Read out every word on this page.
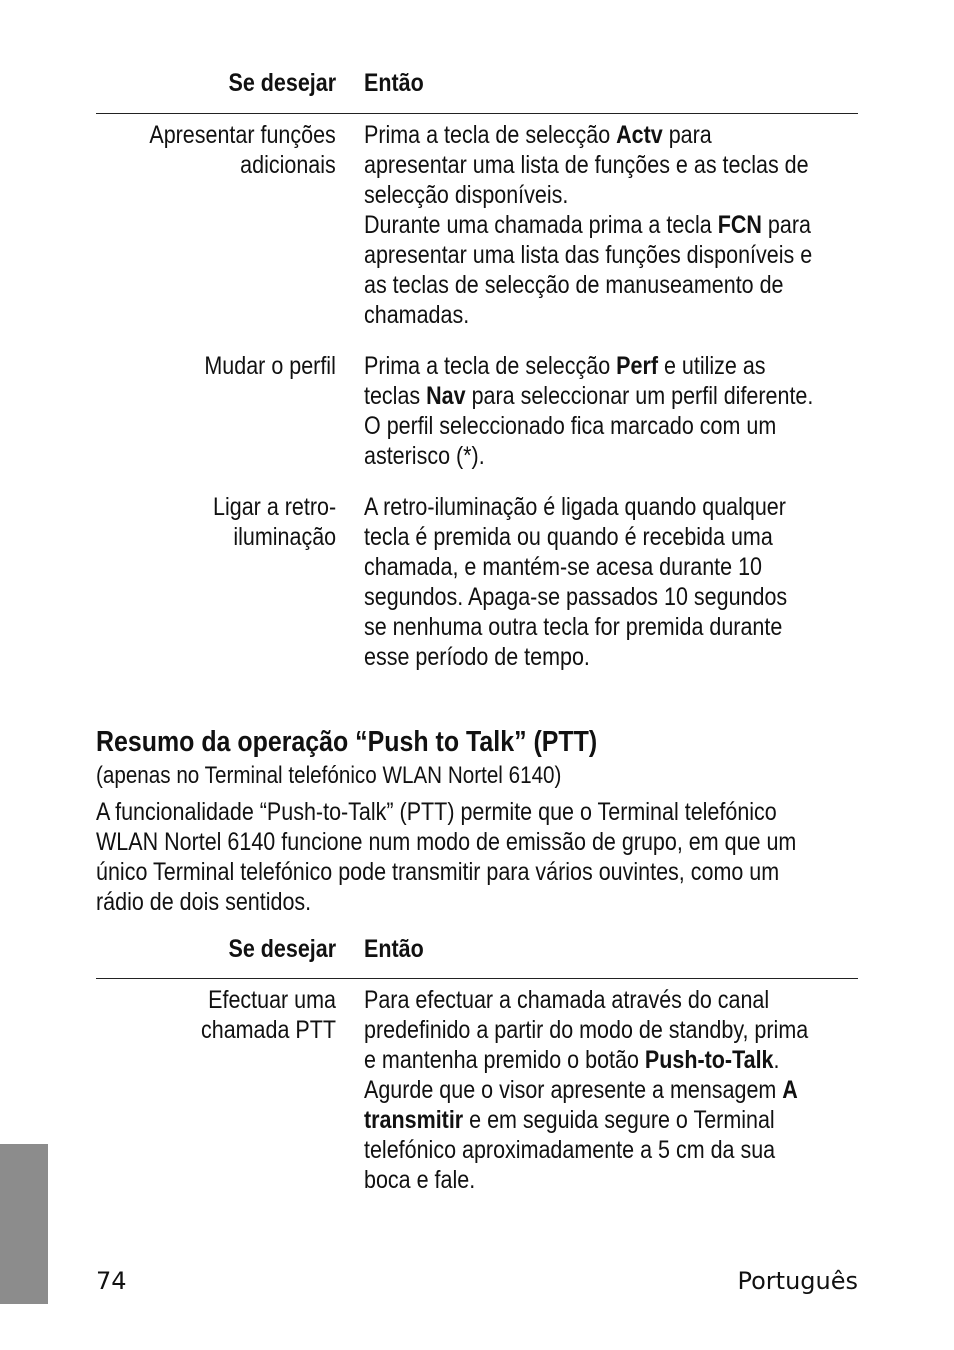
Se desejar Então
Apresentar funções
adicionais
Prima a tecla de selecção Actv para
apresentar uma lista de funções e as teclas de
selecção disponíveis.
Durante uma chamada prima a tecla FCN para
apresentar uma lista das funções disponíveis e
as teclas de selecção de manuseamento de
chamadas.
Mudar o perfil Prima a tecla de selecção Perf e utilize as
teclas Nav para seleccionar um perfil diferente.
O perfil seleccionado fica marcado com um
asterisco (*).
Ligar a retro-
iluminação
A retro-iluminação é ligada quando qualquer
tecla é premida ou quando é recebida uma
chamada, e mantém-se acesa durante 10
segundos. Apaga-se passados 10 segundos
se nenhuma outra tecla for premida durante
esse período de tempo.
Resumo da operação “Push to Talk” (PTT)
(apenas no Terminal telefónico WLAN Nortel 6140)
A funcionalidade “Push-to-Talk” (PTT) permite que o Terminal telefónico
WLAN Nortel 6140 funcione num modo de emissão de grupo, em que um
único Terminal telefónico pode transmitir para vários ouvintes, como um
rádio de dois sentidos.
Se desejar Então
Efectuar uma
chamada PTT
Para efectuar a chamada através do canal
predefinido a partir do modo de standby, prima
e mantenha premido o botão Push-to-Talk.
Agurde que o visor apresente a mensagem A
transmitir e em seguida segure o Terminal
telefónico aproximadamente a 5 cm da sua
boca e fale.
74	Português
